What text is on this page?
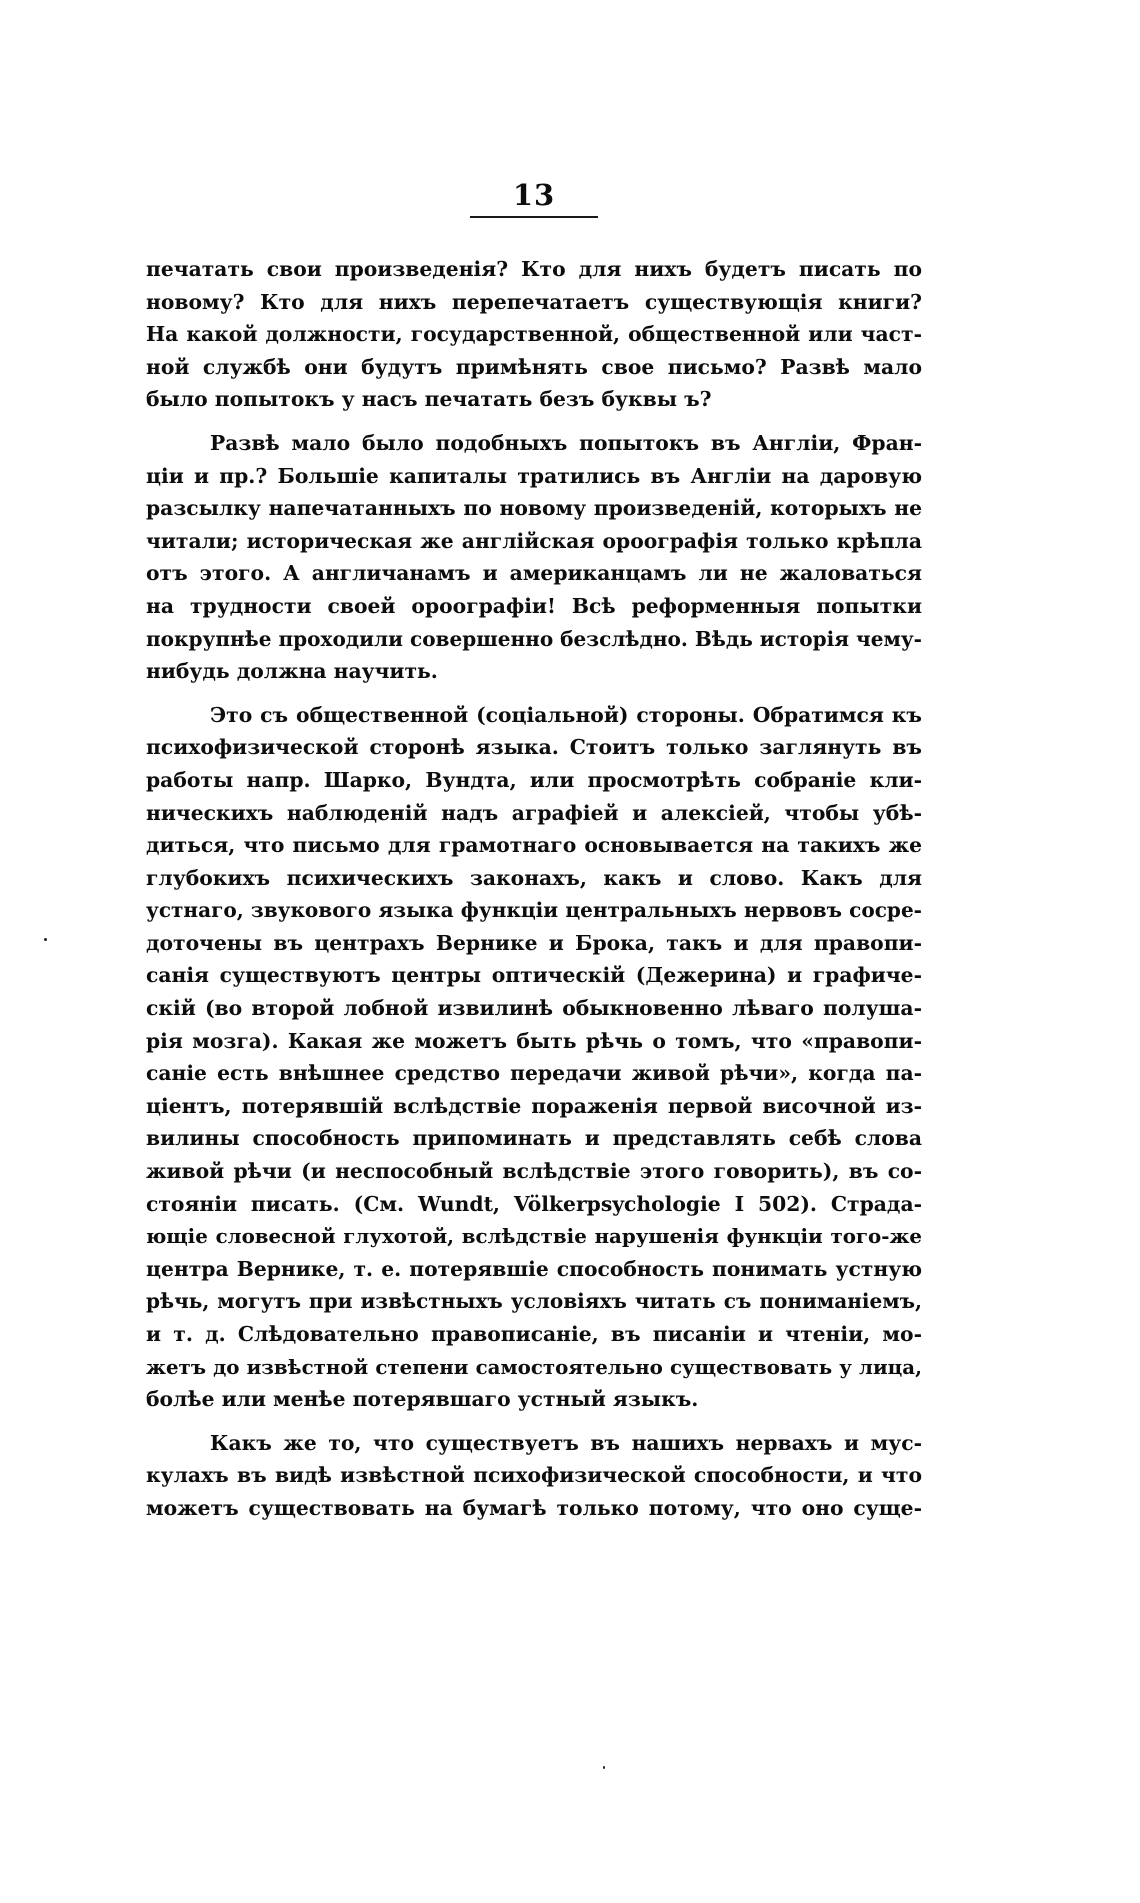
13
печатать свои произведенія? Кто для нихъ будетъ писать по
новому? Кто для нихъ перепечатаетъ существующія книги?
На какой должности, государственной, общественной или част-
ной службѣ они будутъ примѣнять свое письмо? Развѣ мало
было попытокъ у насъ печатать безъ буквы ъ?
Развѣ мало было подобныхъ попытокъ въ Англіи, Фран-
ціи и пр.? Большіе капиталы тратились въ Англіи на даровую
разсылку напечатанныхъ по новому произведеній, которыхъ не
читали; историческая же англійская ороографія только крѣпла
отъ этого. А англичанамъ и американцамъ ли не жаловаться
на трудности своей ороографіи! Всѣ реформенныя попытки
покрупнѣе проходили совершенно безслѣдно. Вѣдь исторія чему-
нибудь должна научить.
Это съ общественной (соціальной) стороны. Обратимся къ
психофизической сторонѣ языка. Стоитъ только заглянуть въ
работы напр. Шарко, Вундта, или просмотрѣть собраніе кли-
ническихъ наблюденій надъ аграфіей и алексіей, чтобы убѣ-
диться, что письмо для грамотнаго основывается на такихъ же
глубокихъ психическихъ законахъ, какъ и слово. Какъ для
устнаго, звукового языка функціи центральныхъ нервовъ сосре-
доточены въ центрахъ Вернике и Брока, такъ и для правопи-
санія существуютъ центры оптическій (Дежерина) и графиче-
скій (во второй лобной извилинѣ обыкновенно лѣваго полуша-
рія мозга). Какая же можетъ быть рѣчь о томъ, что «правопи-
саніе есть внѣшнее средство передачи живой рѣчи», когда па-
ціентъ, потерявшій вслѣдствіе пораженія первой височной из-
вилины способность припоминать и представлять себѣ слова
живой рѣчи (и неспособный вслѣдствіе этого говорить), въ со-
стояніи писать. (См. Wundt, Völkerpsychologie I 502). Страда-
ющіе словесной глухотой, вслѣдствіе нарушенія функціи того-же
центра Вернике, т. е. потерявшіе способность понимать устную
рѣчь, могутъ при извѣстныхъ условіяхъ читать съ пониманіемъ,
и т. д. Слѣдовательно правописаніе, въ писаніи и чтеніи, мо-
жетъ до извѣстной степени самостоятельно существовать у лица,
болѣе или менѣе потерявшаго устный языкъ.
Какъ же то, что существуетъ въ нашихъ нервахъ и мус-
кулахъ въ видѣ извѣстной психофизической способности, и что
можетъ существовать на бумагѣ только потому, что оно суще-
